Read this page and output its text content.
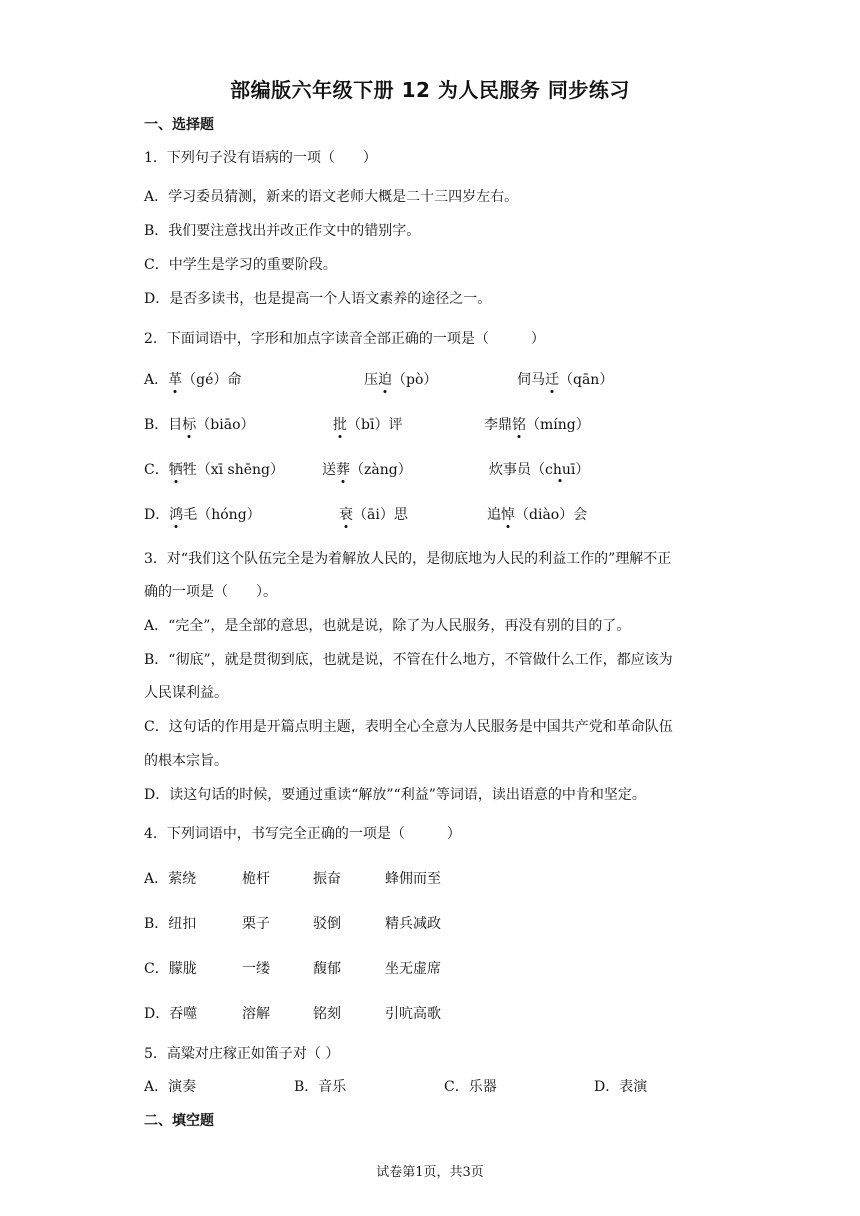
部编版六年级下册 12 为人民服务 同步练习
一、选择题
1．下列句子没有语病的一项（　　）
A．学习委员猜测，新来的语文老师大概是二十三四岁左右。
B．我们要注意找出并改正作文中的错别字。
C．中学生是学习的重要阶段。
D．是否多读书，也是提高一个人语文素养的途径之一。
2．下面词语中，字形和加点字读音全部正确的一项是（　　　）
A．革（gé）命	压迫（pò）	伺马迁（qān）
B．目标（biāo）	批（bī）评	李鼎铭（míng）
C．牺牲（xī shēng）	送葬（zàng）	炊事员（chuī）
D．鸿毛（hóng）	衰（āi）思	追悼（diào）会
3．对“我们这个队伍完全是为着解放人民的，是彻底地为人民的利益工作的”理解不正
确的一项是（　　）。
A．“完全”，是全部的意思，也就是说，除了为人民服务，再没有别的目的了。
B．“彻底”，就是贯彻到底，也就是说，不管在什么地方，不管做什么工作，都应该为
人民谋利益。
C．这句话的作用是开篇点明主题，表明全心全意为人民服务是中国共产党和革命队伍
的根本宗旨。
D．读这句话的时候，要通过重读“解放”“利益”等词语，读出语意的中肯和坚定。
4．下列词语中，书写完全正确的一项是（　　　）
A．萦绕	桅杆	振奋	蜂佣而至
B．纽扣	栗子	驳倒	精兵减政
C．朦胧	一缕	馥郁	坐无虚席
D．吞噬	溶解	铭刻	引吭高歌
5．高粱对庄稼正如笛子对（ ）
A．演奏	B．音乐	C．乐器	D．表演
二、填空题
试卷第1页，共3页
